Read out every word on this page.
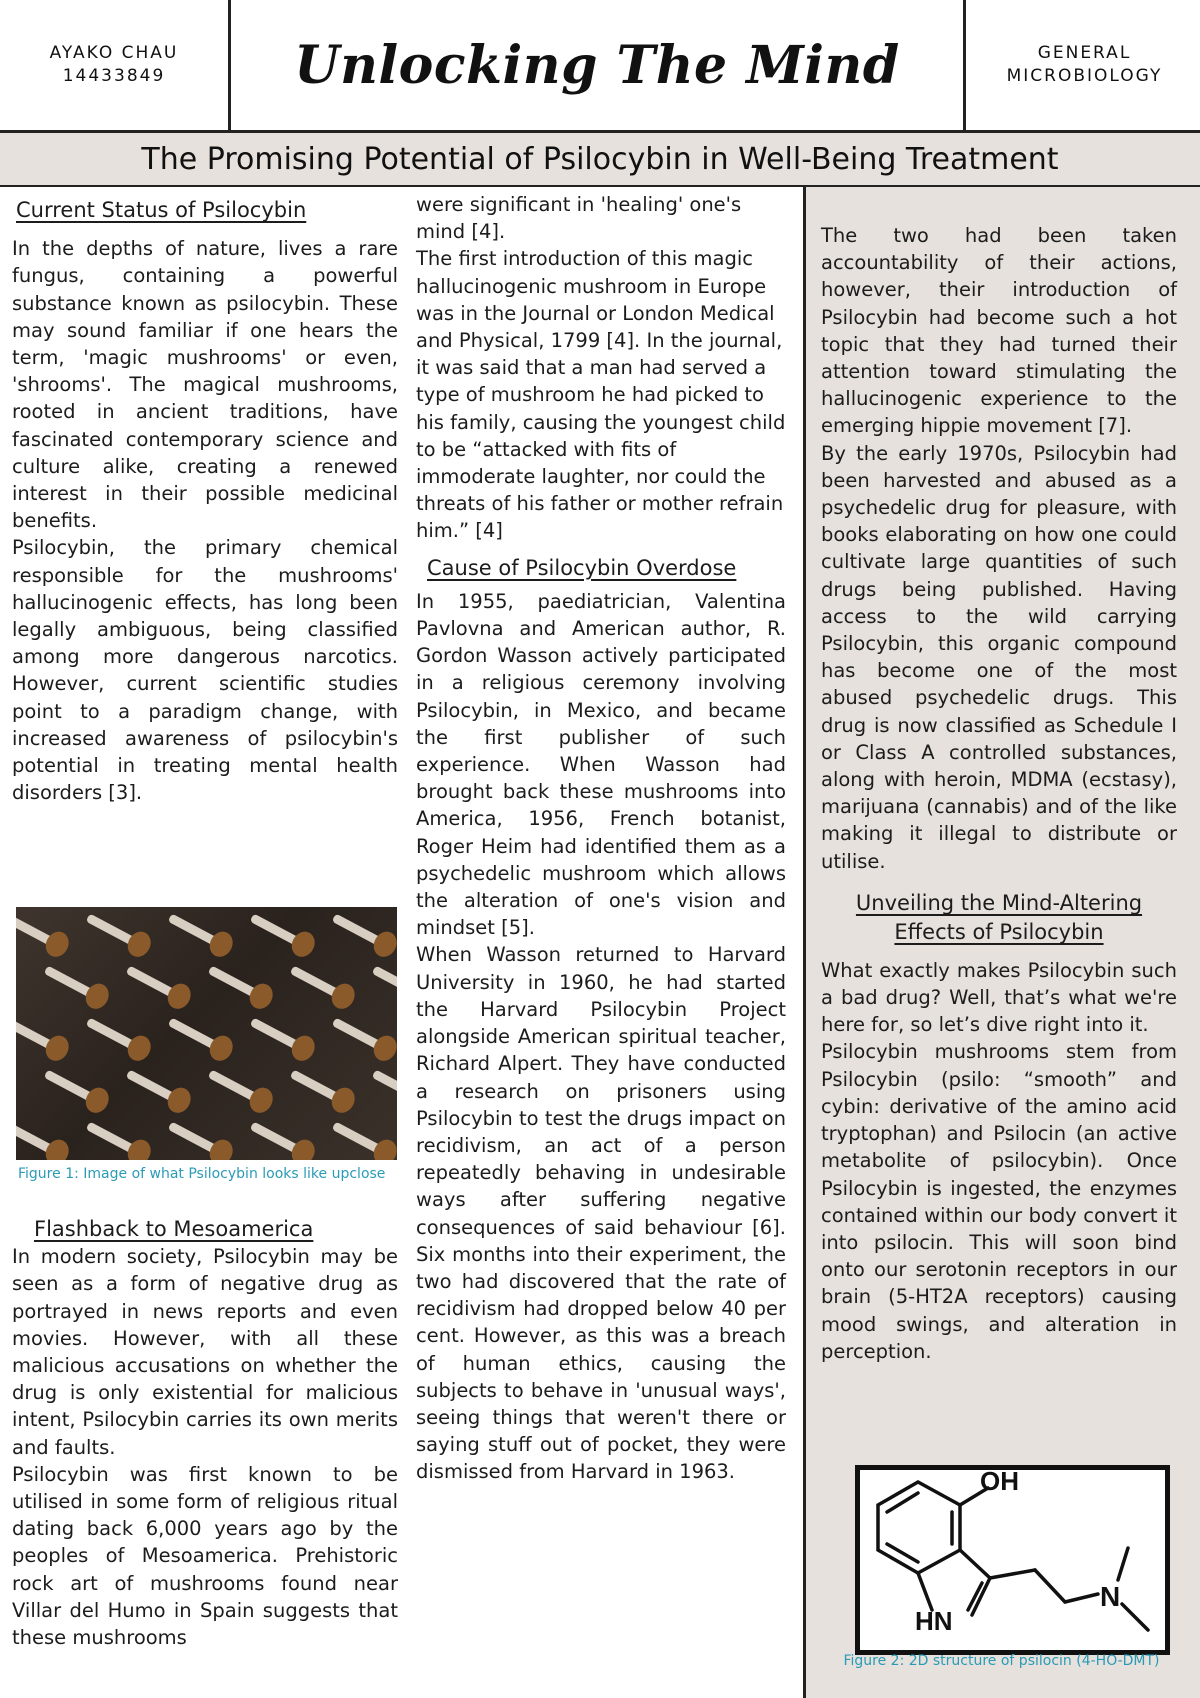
AYAKO CHAU
14433849 Unlocking The Mind	GENERAL
MICROBIOLOGY
The Promising Potential of Psilocybin in Well-Being Treatment
Current Status of Psilocybin

In the depths of nature, lives a rare fungus, containing a powerful substance known as psilocybin. These may sound familiar if one hears the term, 'magic mushrooms' or even, 'shrooms'. The magical mushrooms, rooted in ancient traditions, have fascinated contemporary science and culture alike, creating a renewed interest in their possible medicinal benefits.

Psilocybin, the primary chemical responsible for the mushrooms' hallucinogenic effects, has long been legally ambiguous, being classified among more dangerous narcotics. However, current scientific studies point to a paradigm change, with increased awareness of psilocybin's potential in treating mental health disorders [3].

Figure 1: Image of what Psilocybin looks like upclose

Flashback to Mesoamerica

In modern society, Psilocybin may be seen as a form of negative drug as portrayed in news reports and even movies. However, with all these malicious accusations on whether the drug is only existential for malicious intent, Psilocybin carries its own merits and faults.

Psilocybin was first known to be utilised in some form of religious ritual dating back 6,000 years ago by the peoples of Mesoamerica. Prehistoric rock art of mushrooms found near Villar del Humo in Spain suggests that these mushrooms

were significant in 'healing' one's mind [4].

The first introduction of this magic hallucinogenic mushroom in Europe was in the Journal or London Medical and Physical, 1799 [4]. In the journal, it was said that a man had served a type of mushroom he had picked to his family, causing the youngest child to be “attacked with fits of immoderate laughter, nor could the threats of his father or mother refrain him.” [4]

Cause of Psilocybin Overdose

In 1955, paediatrician, Valentina Pavlovna and American author, R. Gordon Wasson actively participated in a religious ceremony involving Psilocybin, in Mexico, and became the first publisher of such experience. When Wasson had brought back these mushrooms into America, 1956, French botanist, Roger Heim had identified them as a psychedelic mushroom which allows the alteration of one's vision and mindset [5].

When Wasson returned to Harvard University in 1960, he had started the Harvard Psilocybin Project alongside American spiritual teacher, Richard Alpert. They have conducted a research on prisoners using Psilocybin to test the drugs impact on recidivism, an act of a person repeatedly behaving in undesirable ways after suffering negative consequences of said behaviour [6]. Six months into their experiment, the two had discovered that the rate of recidivism had dropped below 40 per cent. However, as this was a breach of human ethics, causing the subjects to behave in 'unusual ways', seeing things that weren't there or saying stuff out of pocket, they were dismissed from Harvard in 1963.

The two had been taken accountability of their actions, however, their introduction of Psilocybin had become such a hot topic that they had turned their attention toward stimulating the hallucinogenic experience to the emerging hippie movement [7].

By the early 1970s, Psilocybin had been harvested and abused as a psychedelic drug for pleasure, with books elaborating on how one could cultivate large quantities of such drugs being published. Having access to the wild carrying Psilocybin, this organic compound has become one of the most abused psychedelic drugs. This drug is now classified as Schedule I or Class A controlled substances, along with heroin, MDMA (ecstasy), marijuana (cannabis) and of the like making it illegal to distribute or utilise.

Unveiling the Mind-Altering
Effects of Psilocybin

What exactly makes Psilocybin such a bad drug? Well, that’s what we're here for, so let’s dive right into it.

Psilocybin mushrooms stem from Psilocybin (psilo: “smooth” and cybin: derivative of the amino acid tryptophan) and Psilocin (an active metabolite of psilocybin). Once Psilocybin is ingested, the enzymes contained within our body convert it into psilocin. This will soon bind onto our serotonin receptors in our brain (5-HT2A receptors) causing mood swings, and alteration in perception.

OH
HN
N

Figure 2: 2D structure of psilocin (4-HO-DMT)
